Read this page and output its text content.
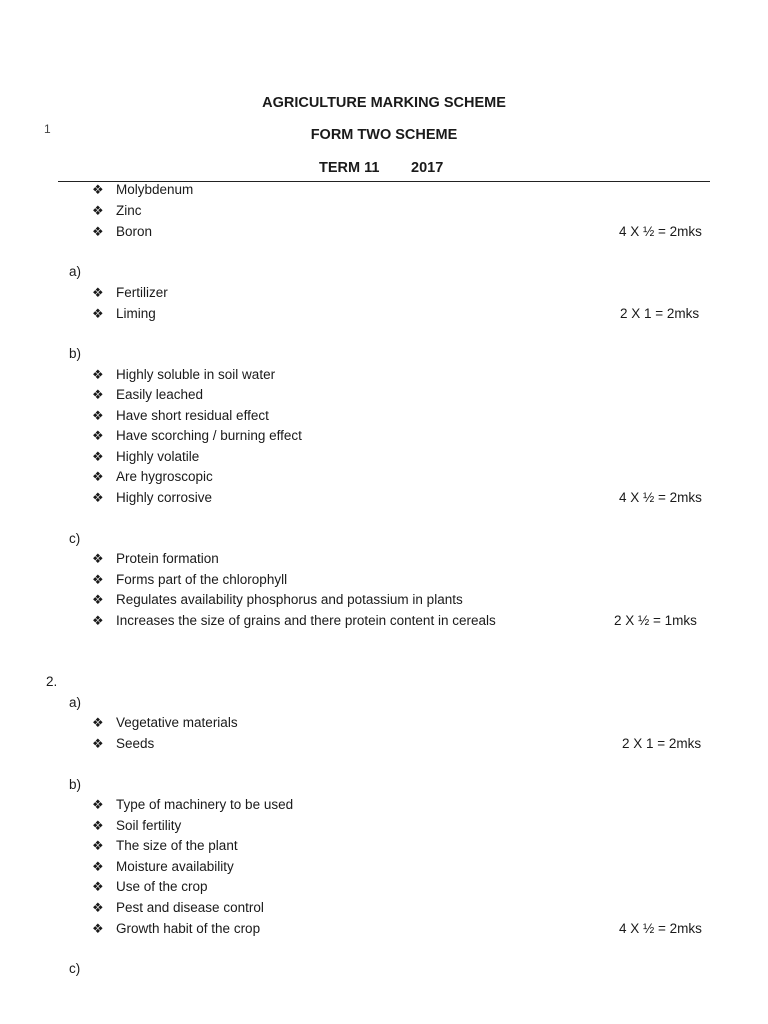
AGRICULTURE MARKING SCHEME
1	FORM TWO SCHEME
TERM 11 2017
❖ Molybdenum
❖ Zinc
❖ Boron	4 X ½ = 2mks
a)
❖ Fertilizer
❖ Liming	2 X 1 = 2mks
b)
❖ Highly soluble in soil water
❖ Easily leached
❖ Have short residual effect
❖ Have scorching / burning effect
❖ Highly volatile
❖ Are hygroscopic
❖ Highly corrosive	4 X ½ = 2mks
c)
❖ Protein formation
❖ Forms part of the chlorophyll
❖ Regulates availability phosphorus and potassium in plants
❖ Increases the size of grains and there protein content in cereals	2 X ½ = 1mks
2.
a)
❖ Vegetative materials
❖ Seeds	2 X 1 = 2mks
b)
❖ Type of machinery to be used
❖ Soil fertility
❖ The size of the plant
❖ Moisture availability
❖ Use of the crop
❖ Pest and disease control
❖ Growth habit of the crop	4 X ½ = 2mks
c)
